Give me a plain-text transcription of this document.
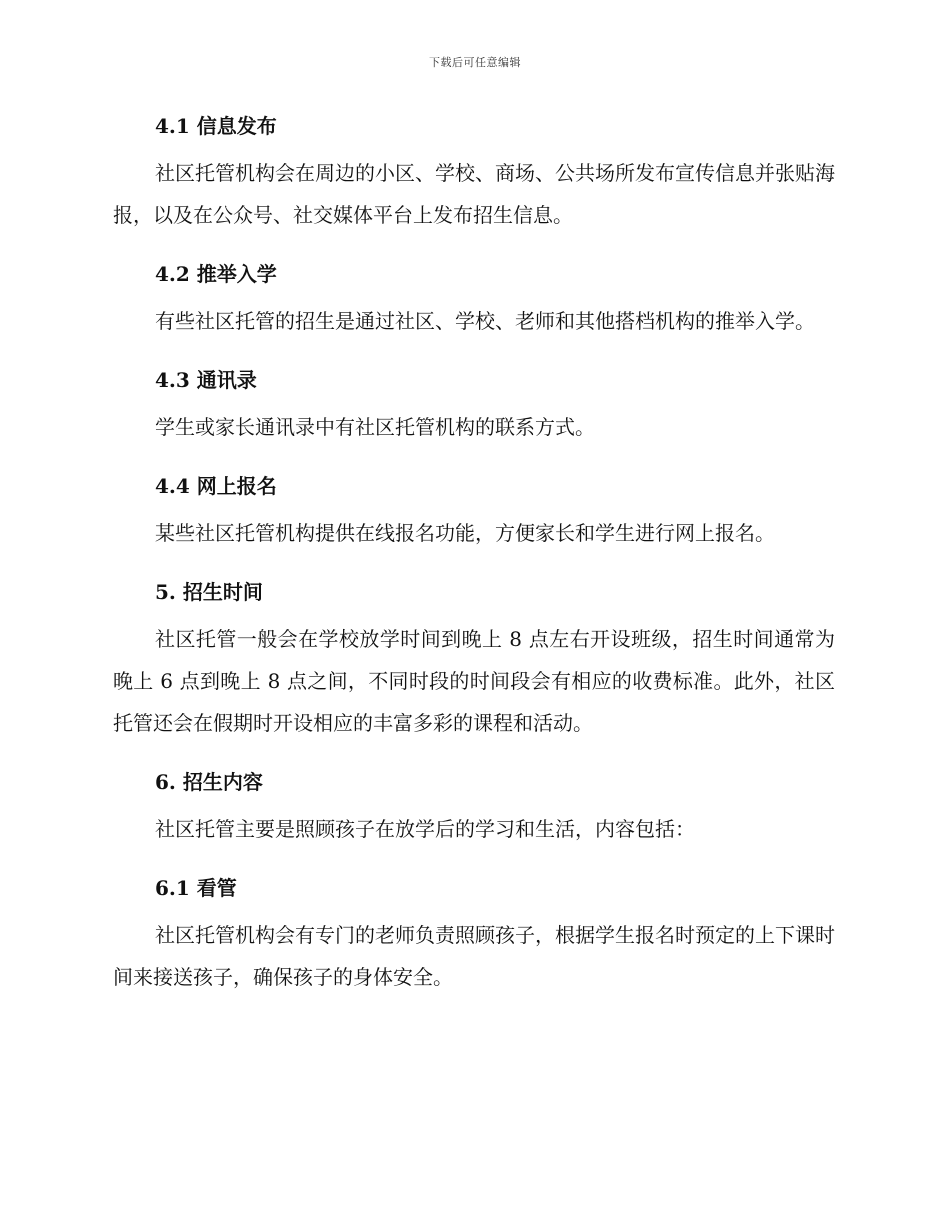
下载后可任意编辑
4.1 信息发布

社区托管机构会在周边的小区、学校、商场、公共场所发布宣传信息并张贴海报，以及在公众号、社交媒体平台上发布招生信息。

4.2 推举入学

有些社区托管的招生是通过社区、学校、老师和其他搭档机构的推举入学。

4.3 通讯录

学生或家长通讯录中有社区托管机构的联系方式。

4.4 网上报名

某些社区托管机构提供在线报名功能，方便家长和学生进行网上报名。

5. 招生时间

社区托管一般会在学校放学时间到晚上 8 点左右开设班级，招生时间通常为晚上 6 点到晚上 8 点之间，不同时段的时间段会有相应的收费标准。此外，社区托管还会在假期时开设相应的丰富多彩的课程和活动。

6. 招生内容

社区托管主要是照顾孩子在放学后的学习和生活，内容包括：

6.1 看管

社区托管机构会有专门的老师负责照顾孩子，根据学生报名时预定的上下课时间来接送孩子，确保孩子的身体安全。
